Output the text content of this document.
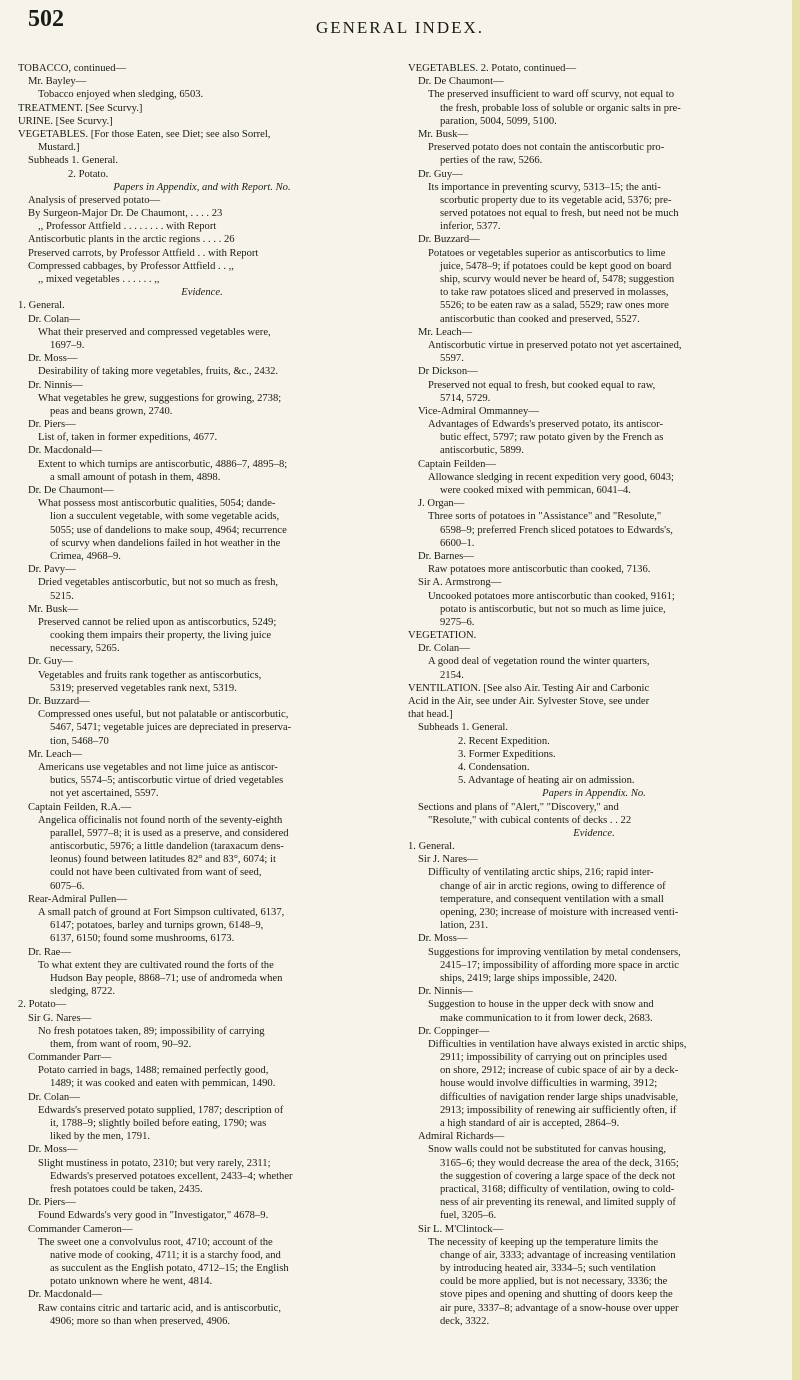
502	GENERAL INDEX.
TOBACCO, continued—
Mr. Bayley—
Tobacco enjoyed when sledging, 6503.
TREATMENT. [See Scurvy.]
URINE. [See Scurvy.]
VEGETABLES. [For those Eaten, see Diet; see also Sorrel,
Mustard.]
Subheads 1. General.
2. Potato.
Papers in Appendix, and with Report. No.
Analysis of preserved potato—
By Surgeon-Major Dr. De Chaumont, . . . . 23
,, Professor Attfield . . . . . . . . with Report
Antiscorbutic plants in the arctic regions . . . . 26
Preserved carrots, by Professor Attfield . . with Report
Compressed cabbages, by Professor Attfield . . ,,
,, mixed vegetables . . . . . . ,,
Evidence.
1. General.
Dr. Colan—
What their preserved and compressed vegetables were,
1697–9.
Dr. Moss—
Desirability of taking more vegetables, fruits, &c., 2432.
Dr. Ninnis—
What vegetables he grew, suggestions for growing, 2738;
peas and beans grown, 2740.
Dr. Piers—
List of, taken in former expeditions, 4677.
Dr. Macdonald—
Extent to which turnips are antiscorbutic, 4886–7, 4895–8;
a small amount of potash in them, 4898.
Dr. De Chaumont—
What possess most antiscorbutic qualities, 5054; dande-
lion a succulent vegetable, with some vegetable acids,
5055; use of dandelions to make soup, 4964; recurrence
of scurvy when dandelions failed in hot weather in the
Crimea, 4968–9.
Dr. Pavy—
Dried vegetables antiscorbutic, but not so much as fresh,
5215.
Mr. Busk—
Preserved cannot be relied upon as antiscorbutics, 5249;
cooking them impairs their property, the living juice
necessary, 5265.
Dr. Guy—
Vegetables and fruits rank together as antiscorbutics,
5319; preserved vegetables rank next, 5319.
Dr. Buzzard—
Compressed ones useful, but not palatable or antiscorbutic,
5467, 5471; vegetable juices are depreciated in preserva-
tion, 5468–70
Mr. Leach—
Americans use vegetables and not lime juice as antiscor-
butics, 5574–5; antiscorbutic virtue of dried vegetables
not yet ascertained, 5597.
Captain Feilden, R.A.—
Angelica officinalis not found north of the seventy-eighth
parallel, 5977–8; it is used as a preserve, and considered
antiscorbutic, 5976; a little dandelion (taraxacum dens-
leonus) found between latitudes 82° and 83°, 6074; it
could not have been cultivated from want of seed,
6075–6.
Rear-Admiral Pullen—
A small patch of ground at Fort Simpson cultivated, 6137,
6147; potatoes, barley and turnips grown, 6148–9,
6137, 6150; found some mushrooms, 6173.
Dr. Rae—
To what extent they are cultivated round the forts of the
Hudson Bay people, 8868–71; use of andromeda when
sledging, 8722.
2. Potato—
Sir G. Nares—
No fresh potatoes taken, 89; impossibility of carrying
them, from want of room, 90–92.
Commander Parr—
Potato carried in bags, 1488; remained perfectly good,
1489; it was cooked and eaten with pemmican, 1490.
Dr. Colan—
Edwards's preserved potato supplied, 1787; description of
it, 1788–9; slightly boiled before eating, 1790; was
liked by the men, 1791.
Dr. Moss—
Slight mustiness in potato, 2310; but very rarely, 2311;
Edwards's preserved potatoes excellent, 2433–4; whether
fresh potatoes could be taken, 2435.
Dr. Piers—
Found Edwards's very good in "Investigator," 4678–9.
Commander Cameron—
The sweet one a convolvulus root, 4710; account of the
native mode of cooking, 4711; it is a starchy food, and
as succulent as the English potato, 4712–15; the English
potato unknown where he went, 4814.
Dr. Macdonald—
Raw contains citric and tartaric acid, and is antiscorbutic,
4906; more so than when preserved, 4906.
VEGETABLES. 2. Potato, continued—
Dr. De Chaumont—
The preserved insufficient to ward off scurvy, not equal to
the fresh, probable loss of soluble or organic salts in pre-
paration, 5004, 5099, 5100.
Mr. Busk—
Preserved potato does not contain the antiscorbutic pro-
perties of the raw, 5266.
Dr. Guy—
Its importance in preventing scurvy, 5313–15; the anti-
scorbutic property due to its vegetable acid, 5376; pre-
served potatoes not equal to fresh, but need not be much
inferior, 5377.
Dr. Buzzard—
Potatoes or vegetables superior as antiscorbutics to lime
juice, 5478–9; if potatoes could be kept good on board
ship, scurvy would never be heard of, 5478; suggestion
to take raw potatoes sliced and preserved in molasses,
5526; to be eaten raw as a salad, 5529; raw ones more
antiscorbutic than cooked and preserved, 5527.
Mr. Leach—
Antiscorbutic virtue in preserved potato not yet ascertained,
5597.
Dr Dickson—
Preserved not equal to fresh, but cooked equal to raw,
5714, 5729.
Vice-Admiral Ommanney—
Advantages of Edwards's preserved potato, its antiscor-
butic effect, 5797; raw potato given by the French as
antiscorbutic, 5899.
Captain Feilden—
Allowance sledging in recent expedition very good, 6043;
were cooked mixed with pemmican, 6041–4.
J. Organ—
Three sorts of potatoes in "Assistance" and "Resolute,"
6598–9; preferred French sliced potatoes to Edwards's,
6600–1.
Dr. Barnes—
Raw potatoes more antiscorbutic than cooked, 7136.
Sir A. Armstrong—
Uncooked potatoes more antiscorbutic than cooked, 9161;
potato is antiscorbutic, but not so much as lime juice,
9275–6.
VEGETATION.
Dr. Colan—
A good deal of vegetation round the winter quarters,
2154.
VENTILATION. [See also Air. Testing Air and Carbonic
Acid in the Air, see under Air. Sylvester Stove, see under
that head.]
Subheads 1. General.
2. Recent Expedition.
3. Former Expeditions.
4. Condensation.
5. Advantage of heating air on admission.
Papers in Appendix. No.
Sections and plans of "Alert," "Discovery," and
"Resolute," with cubical contents of decks . . 22
Evidence.
1. General.
Sir J. Nares—
Difficulty of ventilating arctic ships, 216; rapid inter-
change of air in arctic regions, owing to difference of
temperature, and consequent ventilation with a small
opening, 230; increase of moisture with increased venti-
lation, 231.
Dr. Moss—
Suggestions for improving ventilation by metal condensers,
2415–17; impossibility of affording more space in arctic
ships, 2419; large ships impossible, 2420.
Dr. Ninnis—
Suggestion to house in the upper deck with snow and
make communication to it from lower deck, 2683.
Dr. Coppinger—
Difficulties in ventilation have always existed in arctic ships,
2911; impossibility of carrying out on principles used
on shore, 2912; increase of cubic space of air by a deck-
house would involve difficulties in warming, 3912;
difficulties of navigation render large ships unadvisable,
2913; impossibility of renewing air sufficiently often, if
a high standard of air is accepted, 2864–9.
Admiral Richards—
Snow walls could not be substituted for canvas housing,
3165–6; they would decrease the area of the deck, 3165;
the suggestion of covering a large space of the deck not
practical, 3168; difficulty of ventilation, owing to cold-
ness of air preventing its renewal, and limited supply of
fuel, 3205–6.
Sir L. M'Clintock—
The necessity of keeping up the temperature limits the
change of air, 3333; advantage of increasing ventilation
by introducing heated air, 3334–5; such ventilation
could be more applied, but is not necessary, 3336; the
stove pipes and opening and shutting of doors keep the
air pure, 3337–8; advantage of a snow-house over upper
deck, 3322.
